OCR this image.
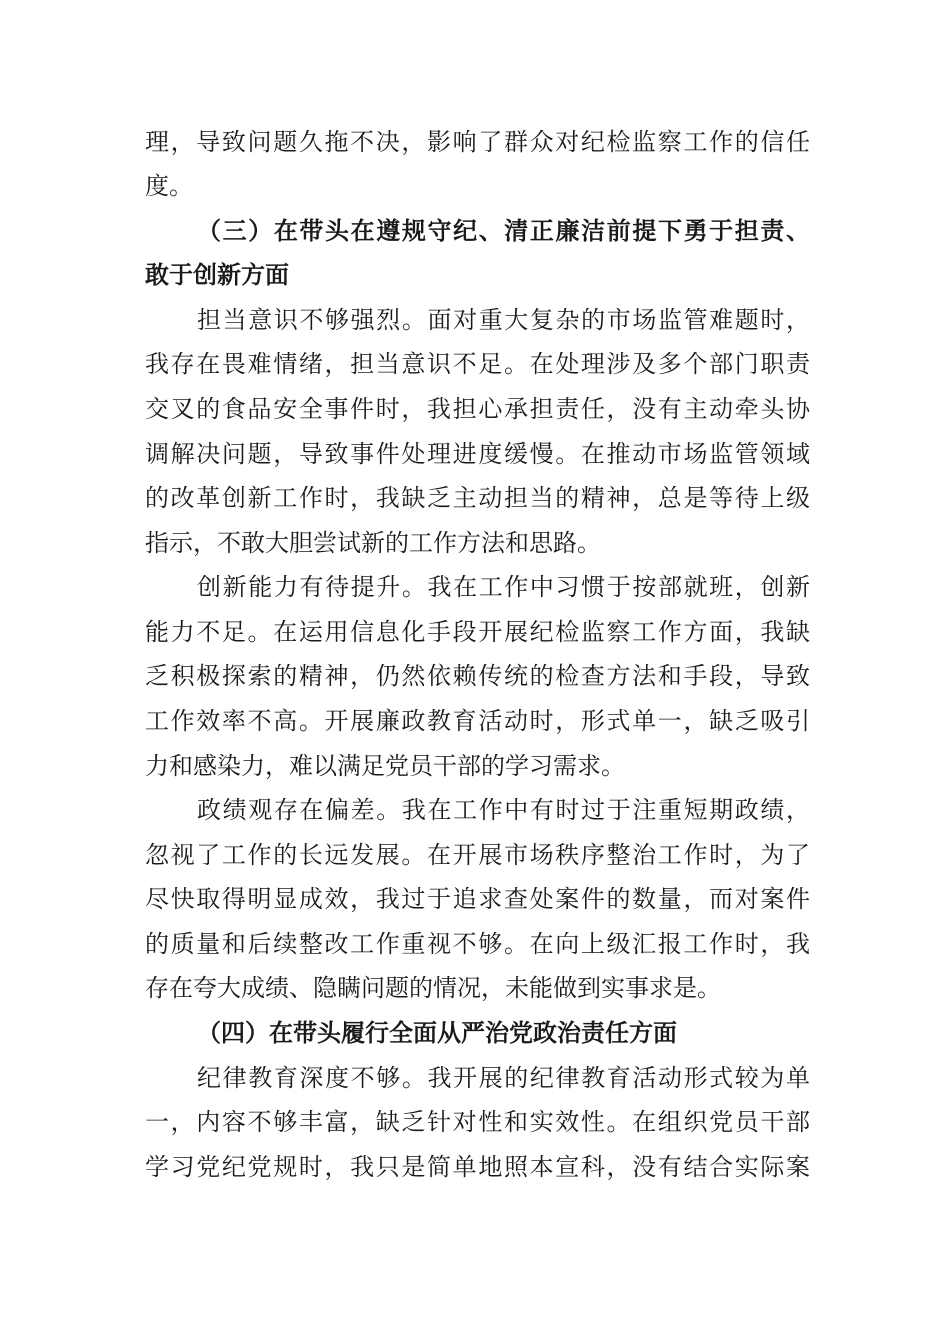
理，导致问题久拖不决，影响了群众对纪检监察工作的信任
度。
（三）在带头在遵规守纪、清正廉洁前提下勇于担责、
敢于创新方面
担当意识不够强烈。面对重大复杂的市场监管难题时，
我存在畏难情绪，担当意识不足。在处理涉及多个部门职责
交叉的食品安全事件时，我担心承担责任，没有主动牵头协
调解决问题，导致事件处理进度缓慢。在推动市场监管领域
的改革创新工作时，我缺乏主动担当的精神，总是等待上级
指示，不敢大胆尝试新的工作方法和思路。
创新能力有待提升。我在工作中习惯于按部就班，创新
能力不足。在运用信息化手段开展纪检监察工作方面，我缺
乏积极探索的精神，仍然依赖传统的检查方法和手段，导致
工作效率不高。开展廉政教育活动时，形式单一，缺乏吸引
力和感染力，难以满足党员干部的学习需求。
政绩观存在偏差。我在工作中有时过于注重短期政绩，
忽视了工作的长远发展。在开展市场秩序整治工作时，为了
尽快取得明显成效，我过于追求查处案件的数量，而对案件
的质量和后续整改工作重视不够。在向上级汇报工作时，我
存在夸大成绩、隐瞒问题的情况，未能做到实事求是。
（四）在带头履行全面从严治党政治责任方面
纪律教育深度不够。我开展的纪律教育活动形式较为单
一，内容不够丰富，缺乏针对性和实效性。在组织党员干部
学习党纪党规时，我只是简单地照本宣科，没有结合实际案
